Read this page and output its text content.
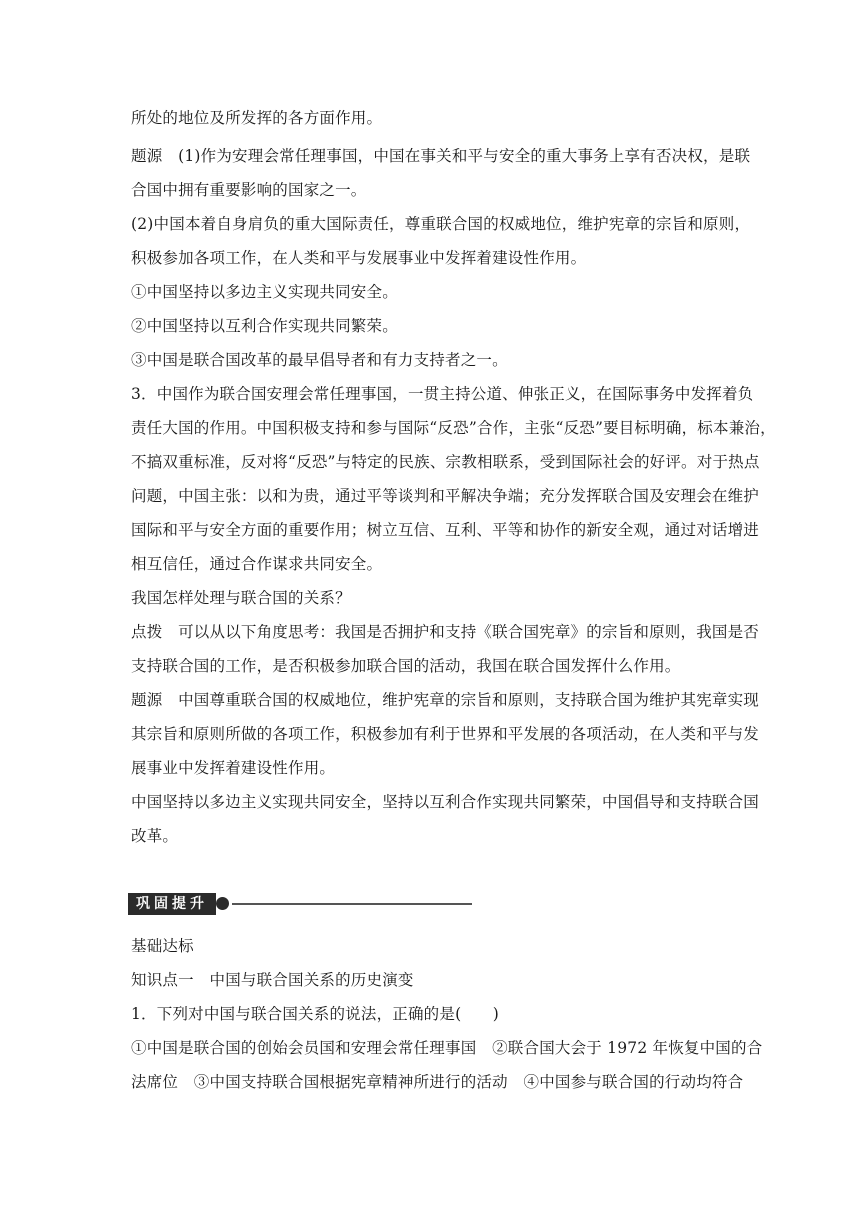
所处的地位及所发挥的各方面作用。
题源　(1)作为安理会常任理事国，中国在事关和平与安全的重大事务上享有否决权，是联
合国中拥有重要影响的国家之一。
(2)中国本着自身肩负的重大国际责任，尊重联合国的权威地位，维护宪章的宗旨和原则，
积极参加各项工作，在人类和平与发展事业中发挥着建设性作用。
①中国坚持以多边主义实现共同安全。
②中国坚持以互利合作实现共同繁荣。
③中国是联合国改革的最早倡导者和有力支持者之一。
3．中国作为联合国安理会常任理事国，一贯主持公道、伸张正义，在国际事务中发挥着负
责任大国的作用。中国积极支持和参与国际“反恐”合作，主张“反恐”要目标明确，标本兼治，
不搞双重标准，反对将“反恐”与特定的民族、宗教相联系，受到国际社会的好评。对于热点
问题，中国主张：以和为贵，通过平等谈判和平解决争端；充分发挥联合国及安理会在维护
国际和平与安全方面的重要作用；树立互信、互利、平等和协作的新安全观，通过对话增进
相互信任，通过合作谋求共同安全。
我国怎样处理与联合国的关系？
点拨　可以从以下角度思考：我国是否拥护和支持《联合国宪章》的宗旨和原则，我国是否
支持联合国的工作，是否积极参加联合国的活动，我国在联合国发挥什么作用。
题源　中国尊重联合国的权威地位，维护宪章的宗旨和原则，支持联合国为维护其宪章实现
其宗旨和原则所做的各项工作，积极参加有利于世界和平发展的各项活动，在人类和平与发
展事业中发挥着建设性作用。
中国坚持以多边主义实现共同安全，坚持以互利合作实现共同繁荣，中国倡导和支持联合国
改革。
巩固提升
基础达标
知识点一　中国与联合国关系的历史演变
1．下列对中国与联合国关系的说法，正确的是(　　)
①中国是联合国的创始会员国和安理会常任理事国　②联合国大会于 1972 年恢复中国的合
法席位　③中国支持联合国根据宪章精神所进行的活动　④中国参与联合国的行动均符合
